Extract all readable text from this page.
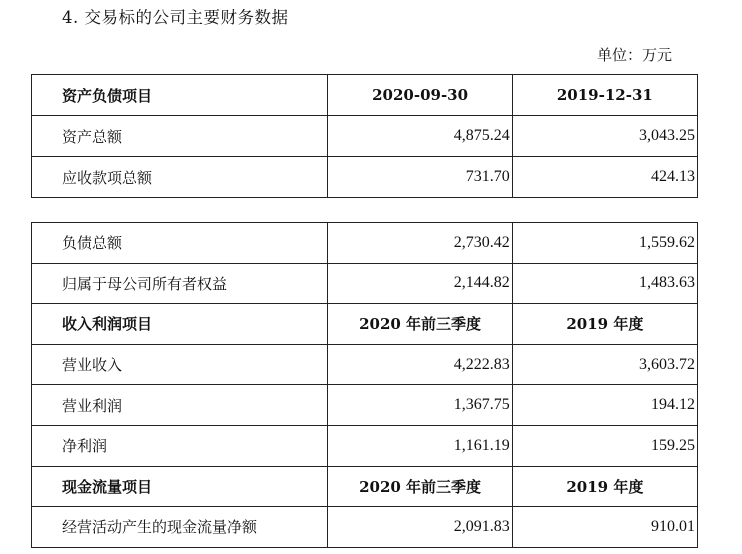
4. 交易标的公司主要财务数据
单位：万元
资产负债项目	2020-09-30	2019-12-31
资产总额	4,875.24	3,043.25
应收款项总额	731.70	424.13
负债总额	2,730.42	1,559.62
归属于母公司所有者权益	2,144.82	1,483.63
收入利润项目	2020 年前三季度	2019 年度
营业收入	4,222.83	3,603.72
营业利润	1,367.75	194.12
净利润	1,161.19	159.25
现金流量项目	2020 年前三季度	2019 年度
经营活动产生的现金流量净额	2,091.83	910.01
